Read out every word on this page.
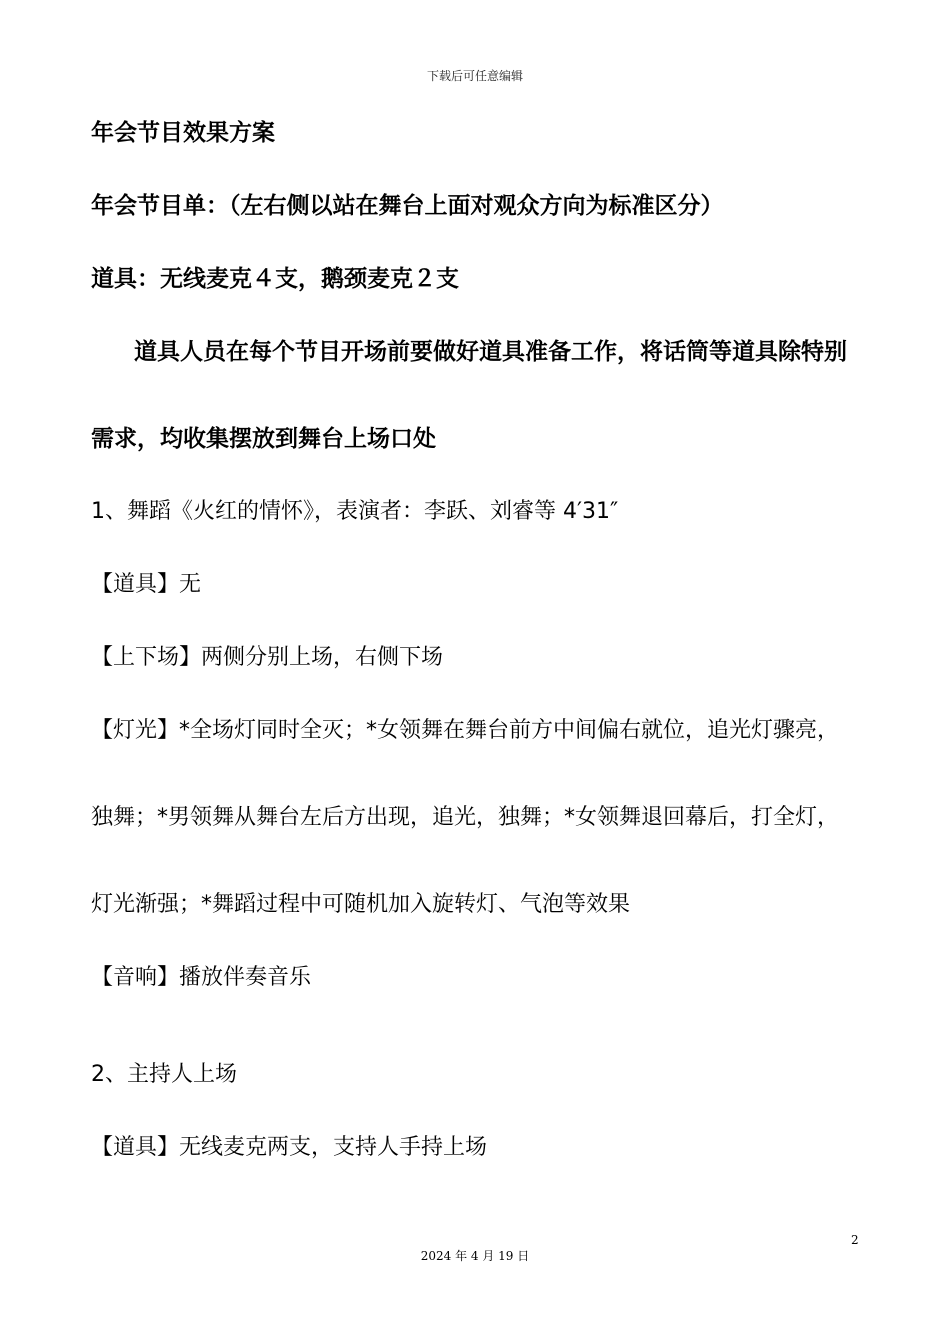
下载后可任意编辑
年会节目效果方案
年会节目单：（左右侧以站在舞台上面对观众方向为标准区分）
道具：无线麦克４支，鹅颈麦克２支
道具人员在每个节目开场前要做好道具准备工作，将话筒等道具除特别
需求，均收集摆放到舞台上场口处
1、舞蹈《火红的情怀》，表演者：李跃、刘睿等 4′31″
【道具】无
【上下场】两侧分别上场，右侧下场
【灯光】*全场灯同时全灭；*女领舞在舞台前方中间偏右就位，追光灯骤亮，
独舞；*男领舞从舞台左后方出现，追光，独舞；*女领舞退回幕后，打全灯，
灯光渐强；*舞蹈过程中可随机加入旋转灯、气泡等效果
【音响】播放伴奏音乐
2、主持人上场
【道具】无线麦克两支，支持人手持上场
2
2024 年 4 月 19 日
